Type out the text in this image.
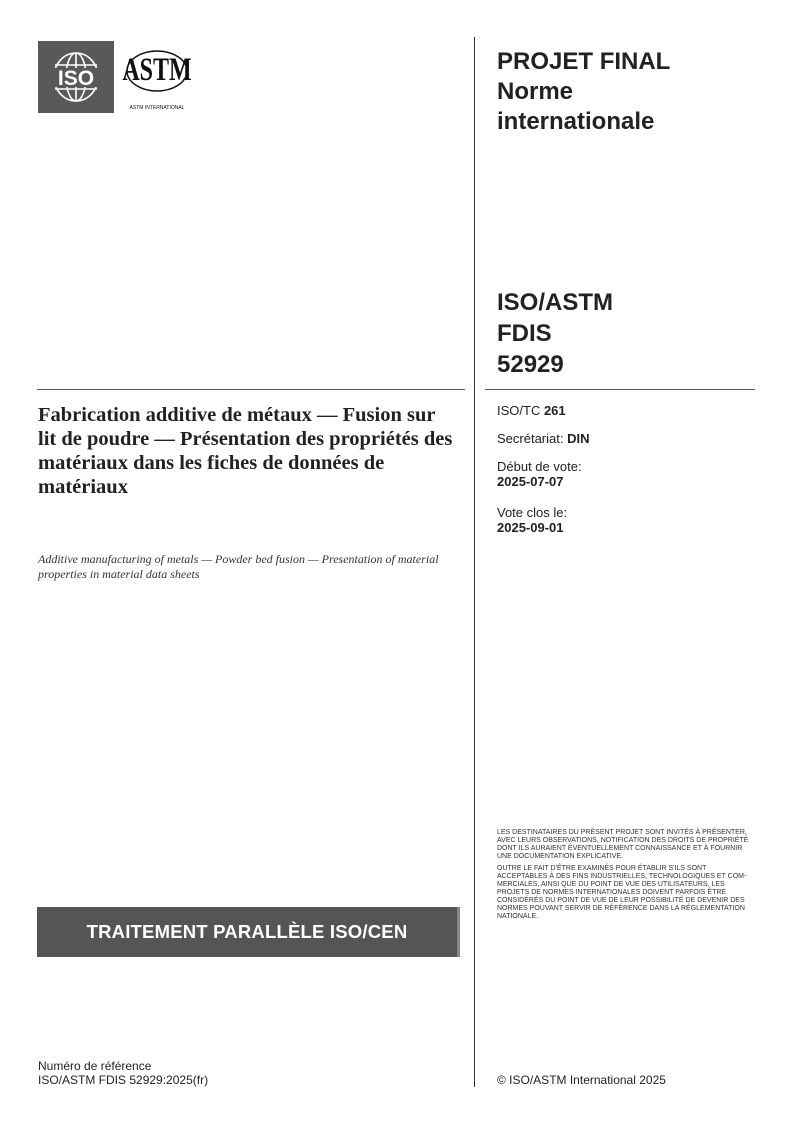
ISO ASTM
ASTM INTERNATIONAL
PROJET FINAL
Norme
internationale
ISO/ASTM
FDIS
52929
Fabrication additive de métaux — Fusion sur lit de poudre — Présentation des propriétés des matériaux dans les fiches de données de matériaux

Additive manufacturing of metals — Powder bed fusion — Presentation of material properties in material data sheets

ISO/TC 261
Secrétariat: DIN
Début de vote:
2025-07-07
Vote clos le:
2025-09-01

LES DESTINATAIRES DU PRÉSENT PROJET SONT INVITÉS À PRÉSENTER, AVEC LEURS OBSERVATIONS, NOTIFICATION DES DROITS DE PROPRIÉTÉ DONT ILS AURAIENT ÉVENTUELLEMENT CONNAISSANCE ET À FOURNIR UNE DOCUMENTATION EXPLICATIVE.

OUTRE LE FAIT D'ÊTRE EXAMINÉS POUR ÉTABLIR S'ILS SONT ACCEPTABLES À DES FINS INDUSTRIELLES, TECHNOLOGIQUES ET COM-MERCIALES, AINSI QUE DU POINT DE VUE DES UTILISATEURS, LES PROJETS DE NORMES INTERNATIONALES DOIVENT PARFOIS ÊTRE CONSIDÉRÉS DU POINT DE VUE DE LEUR POSSIBILITÉ DE DEVENIR DES NORMES POUVANT SERVIR DE RÉFÉRENCE DANS LA RÉGLEMENTATION NATIONALE.

TRAITEMENT PARALLÈLE ISO/CEN
Numéro de référence
ISO/ASTM FDIS 52929:2025(fr)	© ISO/ASTM International 2025
